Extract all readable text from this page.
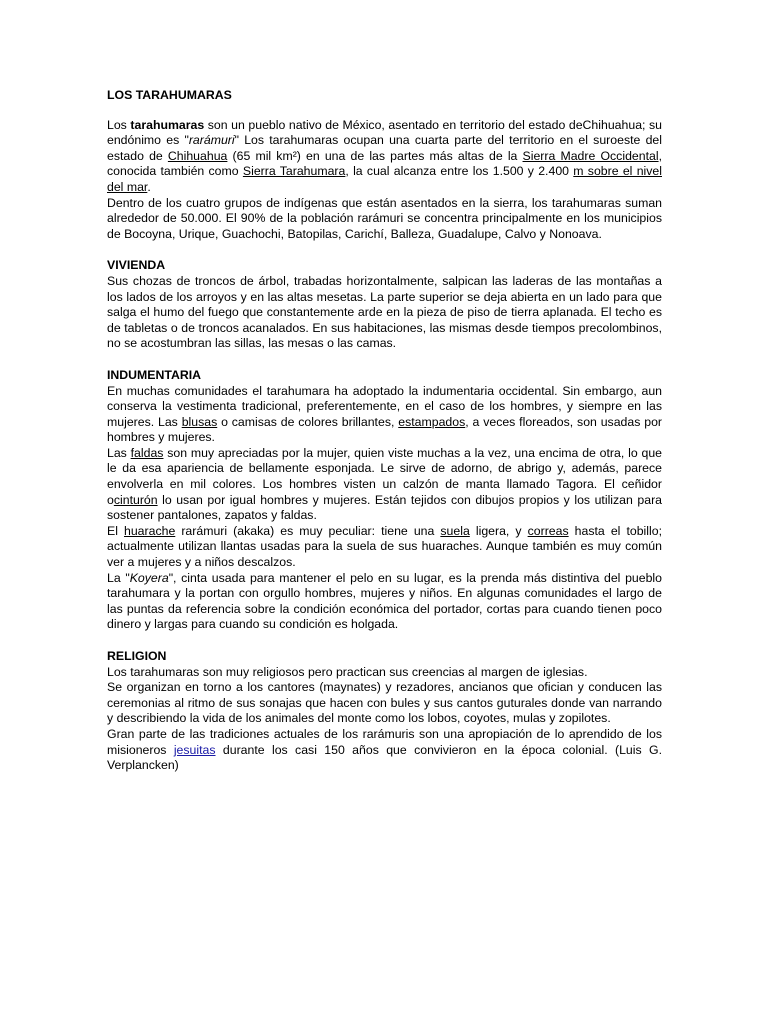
LOS TARAHUMARAS

Los tarahumaras son un pueblo nativo de México, asentado en territorio del estado deChihuahua; su endónimo es "rarámuri" Los tarahumaras ocupan una cuarta parte del territorio en el suroeste del estado de Chihuahua (65 mil km²) en una de las partes más altas de la Sierra Madre Occidental, conocida también como Sierra Tarahumara, la cual alcanza entre los 1.500 y 2.400 m sobre el nivel del mar.

Dentro de los cuatro grupos de indígenas que están asentados en la sierra, los tarahumaras suman alrededor de 50.000. El 90% de la población rarámuri se concentra principalmente en los municipios de Bocoyna, Urique, Guachochi, Batopilas, Carichí, Balleza, Guadalupe, Calvo y Nonoava.

VIVIENDA

Sus chozas de troncos de árbol, trabadas horizontalmente, salpican las laderas de las montañas a los lados de los arroyos y en las altas mesetas. La parte superior se deja abierta en un lado para que salga el humo del fuego que constantemente arde en la pieza de piso de tierra aplanada. El techo es de tabletas o de troncos acanalados. En sus habitaciones, las mismas desde tiempos precolombinos, no se acostumbran las sillas, las mesas o las camas.

INDUMENTARIA

En muchas comunidades el tarahumara ha adoptado la indumentaria occidental. Sin embargo, aun conserva la vestimenta tradicional, preferentemente, en el caso de los hombres, y siempre en las mujeres. Las blusas o camisas de colores brillantes, estampados, a veces floreados, son usadas por hombres y mujeres.

Las faldas son muy apreciadas por la mujer, quien viste muchas a la vez, una encima de otra, lo que le da esa apariencia de bellamente esponjada. Le sirve de adorno, de abrigo y, además, parece envolverla en mil colores. Los hombres visten un calzón de manta llamado Tagora. El ceñidor ocinturón lo usan por igual hombres y mujeres. Están tejidos con dibujos propios y los utilizan para sostener pantalones, zapatos y faldas.

El huarache rarámuri (akaka) es muy peculiar: tiene una suela ligera, y correas hasta el tobillo; actualmente utilizan llantas usadas para la suela de sus huaraches. Aunque también es muy común ver a mujeres y a niños descalzos.

La "Koyera", cinta usada para mantener el pelo en su lugar, es la prenda más distintiva del pueblo tarahumara y la portan con orgullo hombres, mujeres y niños. En algunas comunidades el largo de las puntas da referencia sobre la condición económica del portador, cortas para cuando tienen poco dinero y largas para cuando su condición es holgada.

RELIGION

Los tarahumaras son muy religiosos pero practican sus creencias al margen de iglesias.

Se organizan en torno a los cantores (maynates) y rezadores, ancianos que ofician y conducen las ceremonias al ritmo de sus sonajas que hacen con bules y sus cantos guturales donde van narrando y describiendo la vida de los animales del monte como los lobos, coyotes, mulas y zopilotes.

Gran parte de las tradiciones actuales de los rarámuris son una apropiación de lo aprendido de los misioneros jesuitas durante los casi 150 años que convivieron en la época colonial. (Luis G. Verplancken)
